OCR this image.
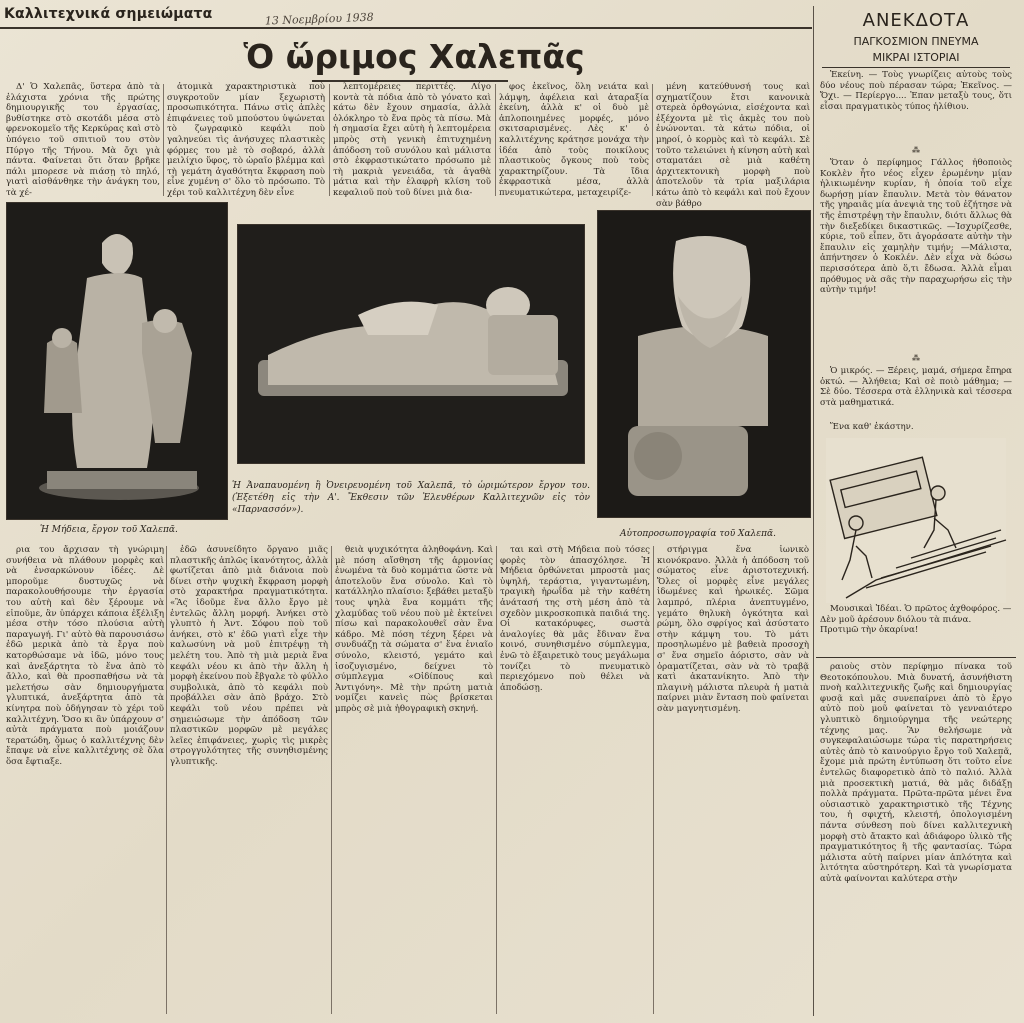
Καλλιτεχνικά σημειώματα	13 Νοεμβρίου 1938
Ὁ ὥριμος Χαλεπᾶς

Δ' Ὁ Χαλεπᾶς, ὕστερα ἀπὸ τὰ ἐλάχιστα χρόνια τῆς πρώτης δημιουργικῆς του ἐργασίας, βυθίστηκε στὸ σκοτάδι μέσα στὸ φρενοκομεῖο τῆς Κερκύρας καὶ στὸ ὑπόγειο τοῦ σπιτιοῦ του στὸν Πύργο τῆς Τήνου. Μὰ ὄχι γιὰ πάντα. Φαίνεται ὅτι ὅταν βρῆκε πάλι μπορεσε νὰ πιάσῃ τὸ πηλό, γιατὶ αἰσθάνθηκε τὴν ἀνάγκη του, τὰ χέ-

ἀτομικὰ χαρακτηριστικὰ ποὺ συγκροτοῦν μίαν ξεχωριστὴ προσωπικότητα. Πάνω στὶς ἁπλὲς ἐπιφάνειες τοῦ μπούστου ὑψώνεται τὸ ζωγραφικὸ κεφάλι ποὺ γαληνεύει τὶς ἀνήσυχες πλαστικὲς φόρμες του μὲ τὸ σοβαρό, ἀλλὰ μειλίχιο ὕφος, τὸ ὡραῖο βλέμμα καὶ τὴ γεμάτη ἀγαθότητα ἔκφραση ποὺ εἶνε χυμένη σ' ὅλο τὸ πρόσωπο. Τὸ χέρι τοῦ καλλιτέχνη δὲν εἶνε

λεπτομέρειες περιττές. Λίγο κοντὰ τὰ πόδια ἀπὸ τὸ γόνατο καὶ κάτω δὲν ἔχουν σημασία, ἀλλὰ ὁλόκληρο τὸ ἕνα πρὸς τὰ πίσω. Μὰ ἡ σημασία ἔχει αὐτὴ ἡ λεπτομέρεια μπρὸς στὴ γενικὴ ἐπιτυχημένη ἀπόδοση τοῦ συνόλου καὶ μάλιστα στὸ ἐκφραστικώτατο πρόσωπο μὲ τὴ μακριὰ γενειάδα, τὰ ἀγαθὰ μάτια καὶ τὴν ἐλαφρὴ κλίση τοῦ κεφαλιοῦ ποὺ τοῦ δίνει μιὰ δια-

φος ἐκεῖνος, ὅλη νειάτα καὶ λάμψη, ἀφέλεια καὶ ἀταραξία ἐκείνη, ἀλλὰ κ' οἱ δυὸ μὲ ἀπλοποιημένες μορφές, μόνο σκιτσαρισμένες. Λὲς κ' ὁ καλλιτέχνης κράτησε μονάχα τὴν ἰδέα ἀπὸ τοὺς ποικίλους πλαστικοὺς ὄγκους ποὺ τοὺς χαρακτηρίζουν. Τὰ ἴδια ἐκφραστικὰ μέσα, ἀλλὰ πνευματικώτερα, μεταχειρίζε-

μένη κατεύθυνσή τους καὶ σχηματίζουν ἔτσι κανονικὰ στερεὰ ὀρθογώνια, εἰσέχοντα καὶ ἐξέχοντα μὲ τὶς ἀκμὲς του ποὺ ἑνώνονται. τὰ κάτω πόδια, οἱ μηροί, ὁ κορμὸς καὶ τὸ κεφάλι. Σὲ τοῦτο τελειώνει ἡ κίνηση αὐτὴ καὶ σταματάει σὲ μιὰ καθέτη ἀρχιτεκτονικὴ μορφὴ ποὺ ἀποτελοῦν τὰ τρία μαξιλάρια κάτω ἀπὸ τὸ κεφάλι καὶ ποὺ ἔχουν σὰν βάθρο

Ἡ Μήδεια, ἔργον τοῦ Χαλεπᾶ.
Ἡ Ἀναπαυομένη ἢ Ὀνειρευομένη τοῦ Χαλεπᾶ, τὸ ὡριμώτερον ἔργον του. (Ἐξετέθη εἰς τὴν Α'. Ἔκθεσιν τῶν Ἐλευθέρων Καλλιτεχνῶν εἰς τὸν «Παρνασσόν»).
Αὐτοπροσωπογραφία τοῦ Χαλεπᾶ.

ρια του ἄρχισαν τὴ γνώριμη συνήθεια νὰ πλάθουν μορφὲς καὶ νὰ ἐνσαρκώνουν ἰδέες. Δὲ μποροῦμε δυστυχῶς νὰ παρακολουθήσουμε τὴν ἐργασία του αὐτὴ καὶ δὲν ξέρουμε νὰ εἰποῦμε, ἂν ὑπάρχει κάποια ἐξέλιξη μέσα στὴν τόσο πλούσια αὐτὴ παραγωγή. Γι' αὐτὸ θὰ παρουσιάσω ἐδῶ μερικὰ ἀπὸ τὰ ἔργα ποὺ κατορθώσαμε νὰ ἰδῶ, μόνο τους καὶ ἀνεξάρτητα τὸ ἕνα ἀπὸ τὸ ἄλλο, καὶ θὰ προσπαθήσω νὰ τὰ μελετήσω σὰν δημιουργήματα γλυπτικά, ἀνεξάρτητα ἀπὸ τὰ κίνητρα ποὺ ὁδήγησαν τὸ χέρι τοῦ καλλιτέχνη. Ὅσο κι ἂν ὑπάρχουν σ' αὐτὰ πράγματα ποὺ μοιάζουν τερατώδη, ὅμως ὁ καλλιτέχνης δὲν ἔπαψε νὰ εἶνε καλλιτέχνης σὲ ὅλα ὅσα ἔφτιαξε.

ἐδῶ ἀσυνείδητο ὄργανο μιᾶς πλαστικῆς ἁπλῶς ἱκανότητος, ἀλλὰ φωτίζεται ἀπὸ μιὰ διάνοια ποὺ δίνει στὴν ψυχικὴ ἔκφραση μορφὴ στὸ χαρακτήρα πραγματικότητα. «Ἂς ἰδοῦμε ἕνα ἄλλο ἔργο μὲ ἐντελῶς ἄλλη μορφή. Ἀνήκει στὸ γλυπτὸ ἡ Ἀντ. Σόφου ποὺ τοῦ ἀνήκει, στὸ κ' ἐδῶ γιατὶ εἶχε τὴν καλωσύνη νὰ μοῦ ἐπιτρέψῃ τὴ μελέτη του. Ἀπὸ τὴ μιὰ μεριὰ ἕνα κεφάλι νέου κι ἀπὸ τὴν ἄλλη ἡ μορφὴ ἐκείνου ποὺ ἔβγαλε τὸ φύλλο συμβολικὰ, ἀπὸ τὸ κεφάλι ποὺ προβάλλει σὰν ἀπὸ βράχο. Στὸ κεφάλι τοῦ νέου πρέπει νὰ σημειώσωμε τὴν ἀπόδοση τῶν πλαστικῶν μορφῶν μὲ μεγάλες λεῖες ἐπιφάνειες, χωρὶς τὶς μικρὲς στρογγυλότητες τῆς συνηθισμένης γλυπτικῆς.

θειὰ ψυχικότητα ἀληθοφάνη. Καὶ μὲ πόση αἴσθηση τῆς ἁρμονίας ἑνωμένα τὰ δυὸ κομμάτια ὥστε νὰ ἀποτελοῦν ἕνα σύνολο. Καὶ τὸ κατάλληλο πλαίσιο: ξεβάθει μεταξὺ τους ψηλὰ ἕνα κομμάτι τῆς χλαμύδας τοῦ νέου ποὺ μὲ ἐκτείνει πίσω καὶ παρακολουθεῖ σὰν ἕνα κάδρο. Μὲ πόση τέχνη ξέρει νὰ συνδυάζῃ τὰ σώματα σ' ἕνα ἑνιαῖο σύνολο, κλειστό, γεμάτο καὶ ἰσοζυγισμένο, δείχνει τὸ σύμπλεγμα «Οἰδίπους καὶ Ἀντιγόνη». Μὲ τὴν πρώτη ματιὰ νομίζει κανεὶς πὼς βρίσκεται μπρὸς σὲ μιὰ ἡθογραφικὴ σκηνή.

ται καὶ στὴ Μήδεια ποὺ τόσες φορὲς τὸν ἀπασχόλησε. Ἡ Μήδεια ὀρθώνεται μπροστὰ μας ὑψηλή, τεράστια, γιγαντωμένη, τραγικὴ ἡρωΐδα μὲ τὴν καθέτη ἀνάτασή της στὴ μέση ἀπὸ τὰ σχεδὸν μικροσκοπικὰ παιδιά της. Οἱ κατακόρυφες, σωστὰ ἀναλογίες θὰ μᾶς ἔδιναν ἕνα κοινό, συνηθισμένο σύμπλεγμα, ἐνῶ τὸ ἐξαιρετικὸ τους μεγάλωμα τονίζει τὸ πνευματικὸ περιεχόμενο ποὺ θέλει νὰ ἀποδώσῃ.

στήριγμα ἕνα ἰωνικὸ κιονόκρανο. Ἀλλὰ ἡ ἀπόδοση τοῦ σώματος εἶνε ἀριστοτεχνική. Ὅλες οἱ μορφὲς εἶνε μεγάλες ἰδωμένες καὶ ἡρωικές. Σῶμα λαμπρό, πλέρια ἀνεπτυγμένο, γεμάτο θηλυκὴ ὀγκότητα καὶ ρώμη, ὅλο σφρίγος καὶ ἀσύστατο στὴν κάμψη του. Τὸ μάτι προσηλωμένο μὲ βαθειὰ προσοχὴ σ' ἕνα σημεῖο ἀόριστο, σὰν νὰ ὁραματίζεται, σὰν νὰ τὸ τραβᾷ κατὶ ἀκατανίκητο. Ἀπὸ τὴν πλαγινὴ μάλιστα πλευρὰ ἡ ματιὰ παίρνει μιὰν ἔνταση ποὺ φαίνεται σὰν μαγνητισμένη.

ΑΝΕΚΔΟΤΑ
ΠΑΓΚΟΣΜΙΟΝ ΠΝΕΥΜΑ
ΜΙΚΡΑΙ ΙΣΤΟΡΙΑΙ

Ἐκείνη. — Τοὺς γνωρίζεις αὐτοὺς τοὺς δύο νέους ποὺ πέρασαν τώρα; Ἐκεῖνος. — Ὄχι. — Περίεργο.... Ἐπαν μεταξὺ τους, ὅτι εἶσαι πραγματικὸς τύπος ἠλίθιου.

⁂

Ὅταν ὁ περίφημος Γάλλος ἠθοποιὸς Κοκλὲν ἦτο νέος εἶχεν ἐρωμένην μίαν ἡλικιωμένην κυρίαν, ἡ ὁποία τοῦ εἶχε δωρήσῃ μίαν ἔπαυλιν. Μετὰ τὸν θάνατον τῆς γηραιᾶς μία ἀνεψιὰ της τοῦ ἐζήτησε νὰ τῆς ἐπιστρέψῃ τὴν ἔπαυλιν, διότι ἄλλως θὰ τὴν διεξεδίκει δικαστικῶς. —Ἰσχυρίζεσθε, κύριε, τοῦ εἶπεν, ὅτι ἀγοράσατε αὐτὴν τὴν ἔπαυλιν εἰς χαμηλὴν τιμήν; —Μάλιστα, ἀπήντησεν ὁ Κοκλέν. Δὲν εἶχα νὰ δώσω περισσότερα ἀπὸ ὅ,τι ἔδωσα. Ἀλλὰ εἶμαι πρόθυμος νὰ σᾶς τὴν παραχωρήσω εἰς τὴν αὐτὴν τιμήν!

⁂

Ὁ μικρός. — Ξέρεις, μαμά, σήμερα ἔπηρα ὀκτώ. — Ἀλήθεια; Καὶ σὲ ποιὸ μάθημα; — Σὲ δύο. Τέσσερα στὰ ἑλληνικὰ καὶ τέσσερα στὰ μαθηματικά.

Ἕνα καθ' ἐκάστην.

Μουσικαὶ Ἰδέαι. Ὁ πρῶτος ἀχθοφόρος. — Δὲν μοῦ ἀρέσουν διόλου τὰ πιάνα. Προτιμῶ τὴν ὀκαρίνα!

ραιοὺς στὸν περίφημο πίνακα τοῦ Θεοτοκόπουλου. Μιὰ δυνατή, ἀσυνήθιστη πνοὴ καλλιτεχνικῆς ζωῆς καὶ δημιουργίας φυσᾷ καὶ μᾶς συνεπαίρνει ἀπὸ τὸ ἔργο αὐτὸ ποὺ μοῦ φαίνεται τὸ γενναιότερο γλυπτικὸ δημιούργημα τῆς νεώτερης τέχνης μας. Ἂν θελήσωμε νὰ συγκεφαλαιώσωμε τώρα τὶς παρατηρήσεις αὐτὲς ἀπὸ τὸ καινούργιο ἔργο τοῦ Χαλεπᾶ, ἔχομε μιὰ πρώτη ἐντύπωση ὅτι τοῦτο εἶνε ἐντελῶς διαφορετικὸ ἀπὸ τὸ παλιό. Ἀλλὰ μιὰ προσεκτικὴ ματιά, θὰ μᾶς διδάξῃ πολλὰ πράγματα. Πρῶτα-πρῶτα μένει ἕνα οὐσιαστικὸ χαρακτηριστικὸ τῆς Τέχνης του, ἡ σφιχτή, κλειστή, ὁπολογισμένη πάντα σύνθεση ποὺ δίνει καλλιτεχνικὴ μορφὴ στὸ ἄτακτο καὶ ἀδιάφορο ὑλικὸ τῆς πραγματικότητος ἢ τῆς φαντασίας. Τώρα μάλιστα αὐτὴ παίρνει μίαν ἁπλότητα καὶ λιτότητα αὐστηρότερη. Καὶ τὰ γνωρίσματα αὐτὰ φαίνονται καλύτερα στὴν
